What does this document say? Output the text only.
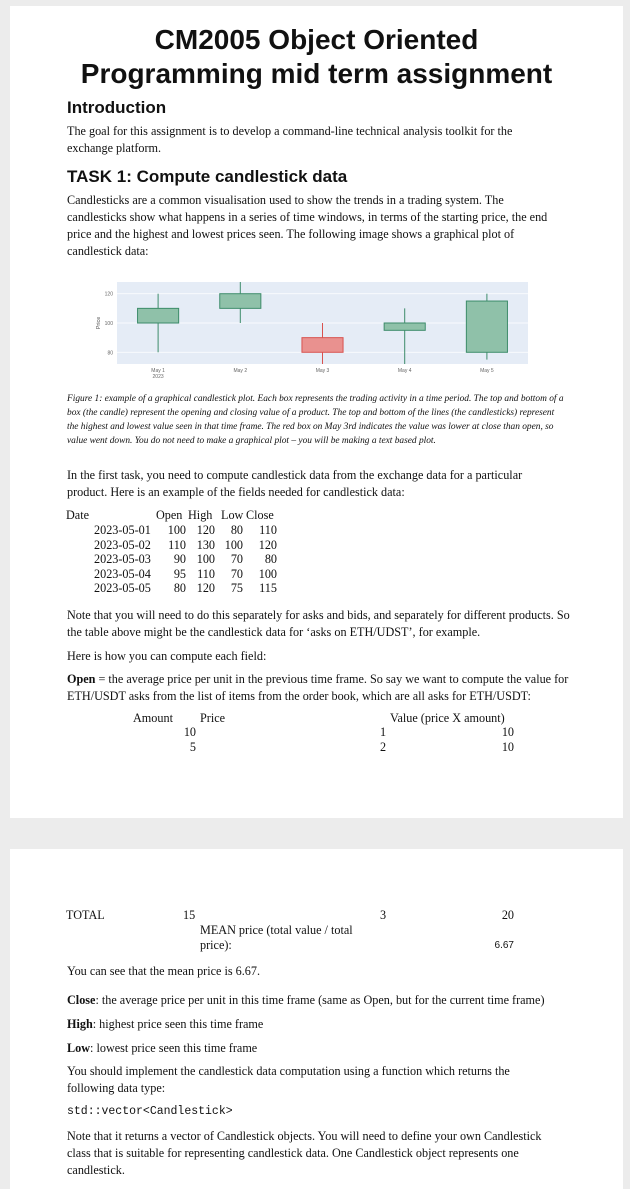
CM2005 Object Oriented
Programming mid term assignment
Introduction
The goal for this assignment is to develop a command-line technical analysis toolkit for the exchange platform.
TASK 1: Compute candlestick data
Candlesticks are a common visualisation used to show the trends in a trading system. The candlesticks show what happens in a series of time windows, in terms of the starting price, the end price and the highest and lowest prices seen. The following image shows a graphical plot of candlestick data:
80
100
120
May 1
2023
May 2	May 3	May 4	May 5
Price
Figure 1: example of a graphical candlestick plot. Each box represents the trading activity in a time period. The top and bottom of a box (the candle) represent the opening and closing value of a product. The top and bottom of the lines (the candlesticks) represent the highest and lowest value seen in that time frame. The red box on May 3rd indicates the value was lower at close than open, so value went down. You do not need to make a graphical plot – you will be making a text based plot.
In the first task, you need to compute candlestick data from the exchange data for a particular product. Here is an example of the fields needed for candlestick data:
Date	Open High Low Close
2023-05-01	100 120	80	110
2023-05-02	110 130 100	120
2023-05-03	90 100	70	80
2023-05-04	95 110	70	100
2023-05-05	80 120	75	115
Note that you will need to do this separately for asks and bids, and separately for different products. So the table above might be the candlestick data for ‘asks on ETH/UDST’, for example.
Here is how you can compute each field:
Open = the average price per unit in the previous time frame. So say we want to compute the value for ETH/USDT asks from the list of items from the order book, which are all asks for ETH/USDT:
Amount Price	Value (price X amount)
10	1	10
5	2	10
TOTAL	15	3	20
MEAN price (total value / total price):	6.67
You can see that the mean price is 6.67.
Close: the average price per unit in this time frame (same as Open, but for the current time frame)
High: highest price seen this time frame
Low: lowest price seen this time frame
You should implement the candlestick data computation using a function which returns the following data type:
std::vector<Candlestick>
Note that it returns a vector of Candlestick objects. You will need to define your own Candlestick class that is suitable for representing candlestick data. One Candlestick object represents one candlestick.
